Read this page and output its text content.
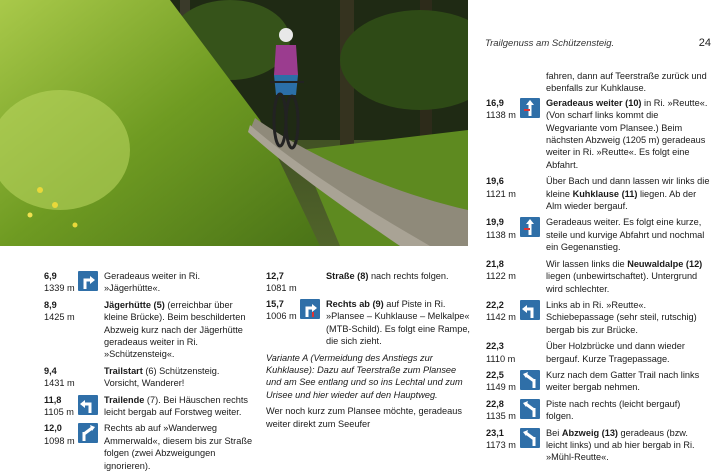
Trailgenuss am Schützensteig.	24
6,9
1339 m
Geradeaus weiter in Ri. »Jägerhütte«.
8,9
1425 m
Jägerhütte (5) (erreichbar über kleine Brücke). Beim beschilderten Abzweig kurz nach der Jägerhütte geradeaus weiter in Ri. »Schützensteig«.
9,4
1431 m
Trailstart (6) Schützensteig. Vorsicht, Wanderer!
11,8
1105 m
Trailende (7). Bei Häuschen rechts leicht bergab auf Forstweg weiter.
12,0
1098 m
Rechts ab auf »Wanderweg Ammerwald«, diesem bis zur Straße folgen (zwei Abzweigungen ignorieren).
12,7
1081 m
Straße (8) nach rechts folgen.
15,7
1006 m
Rechts ab (9) auf Piste in Ri. »Plansee – Kuhklause – Melkalpe« (MTB-Schild). Es folgt eine Rampe, die sich zieht.
Variante A (Vermeidung des Anstiegs zur Kuhklause): Dazu auf Teerstraße zum Plansee und am See entlang und so ins Lechtal und zum Urisee und hier wieder auf den Hauptweg.
Wer noch kurz zum Plansee möchte, geradeaus weiter direkt zum Seeufer
fahren, dann auf Teerstraße zurück und ebenfalls zur Kuhklause.
16,9
1138 m
Geradeaus weiter (10) in Ri. »Reutte«. (Von scharf links kommt die Wegvariante vom Plansee.) Beim nächsten Abzweig (1205 m) geradeaus weiter in Ri. »Reutte«. Es folgt eine Abfahrt.
19,6
1121 m
Über Bach und dann lassen wir links die kleine Kuhklause (11) liegen. Ab der Alm wieder bergauf.
19,9
1138 m
Geradeaus weiter. Es folgt eine kurze, steile und kurvige Abfahrt und nochmal ein Gegenanstieg.
21,8
1122 m
Wir lassen links die Neuwaldalpe (12) liegen (unbewirtschaftet). Untergrund wird schlechter.
22,2
1142 m
Links ab in Ri. »Reutte«. Schiebepassage (sehr steil, rutschig) bergab bis zur Brücke.
22,3
1110 m
Über Holzbrücke und dann wieder bergauf. Kurze Tragepassage.
22,5
1149 m
Kurz nach dem Gatter Trail nach links weiter bergab nehmen.
22,8
1135 m
Piste nach rechts (leicht bergauf) folgen.
23,1
1173 m
Bei Abzweig (13) geradeaus (bzw. leicht links) und ab hier bergab in Ri. »Mühl-Reutte«.
